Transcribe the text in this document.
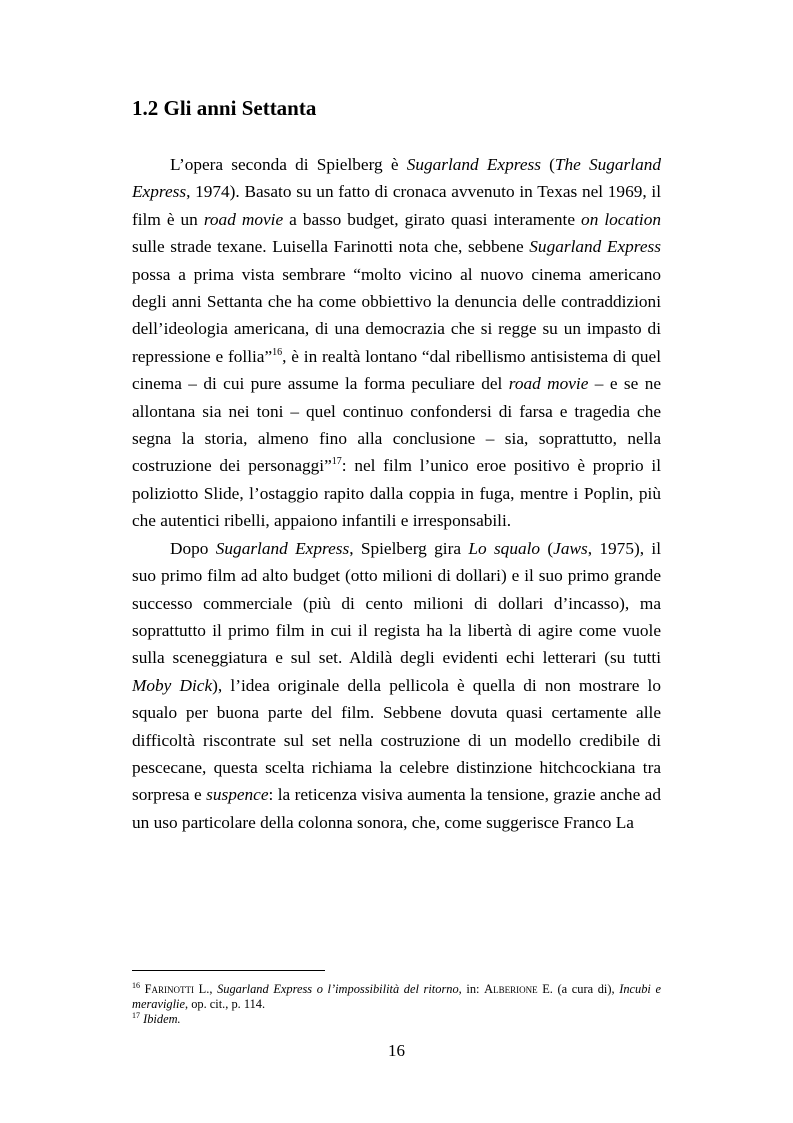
1.2 Gli anni Settanta

L’opera seconda di Spielberg è Sugarland Express (The Sugarland Express, 1974). Basato su un fatto di cronaca avvenuto in Texas nel 1969, il film è un road movie a basso budget, girato quasi interamente on location sulle strade texane. Luisella Farinotti nota che, sebbene Sugarland Express possa a prima vista sembrare “molto vicino al nuovo cinema americano degli anni Settanta che ha come obbiettivo la denuncia delle contraddizioni dell’ideologia americana, di una democrazia che si regge su un impasto di repressione e follia”$^{16}$, è in realtà lontano “dal ribellismo antisistema di quel cinema – di cui pure assume la forma peculiare del road movie – e se ne allontana sia nei toni – quel continuo confondersi di farsa e tragedia che segna la storia, almeno fino alla conclusione – sia, soprattutto, nella costruzione dei personaggi”$^{17}$: nel film l’unico eroe positivo è proprio il poliziotto Slide, l’ostaggio rapito dalla coppia in fuga, mentre i Poplin, più che autentici ribelli, appaiono infantili e irresponsabili.

Dopo Sugarland Express, Spielberg gira Lo squalo (Jaws, 1975), il suo primo film ad alto budget (otto milioni di dollari) e il suo primo grande successo commerciale (più di cento milioni di dollari d’incasso), ma soprattutto il primo film in cui il regista ha la libertà di agire come vuole sulla sceneggiatura e sul set. Aldilà degli evidenti echi letterari (su tutti Moby Dick), l’idea originale della pellicola è quella di non mostrare lo squalo per buona parte del film. Sebbene dovuta quasi certamente alle difficoltà riscontrate sul set nella costruzione di un modello credibile di pescecane, questa scelta richiama la celebre distinzione hitchcockiana tra sorpresa e suspence: la reticenza visiva aumenta la tensione, grazie anche ad un uso particolare della colonna sonora, che, come suggerisce Franco La

$^{16}$ Farinotti L., Sugarland Express o l’impossibilità del ritorno, in: Alberione E. (a cura di), Incubi e meraviglie, op. cit., p. 114.

$^{17}$ Ibidem.

16
